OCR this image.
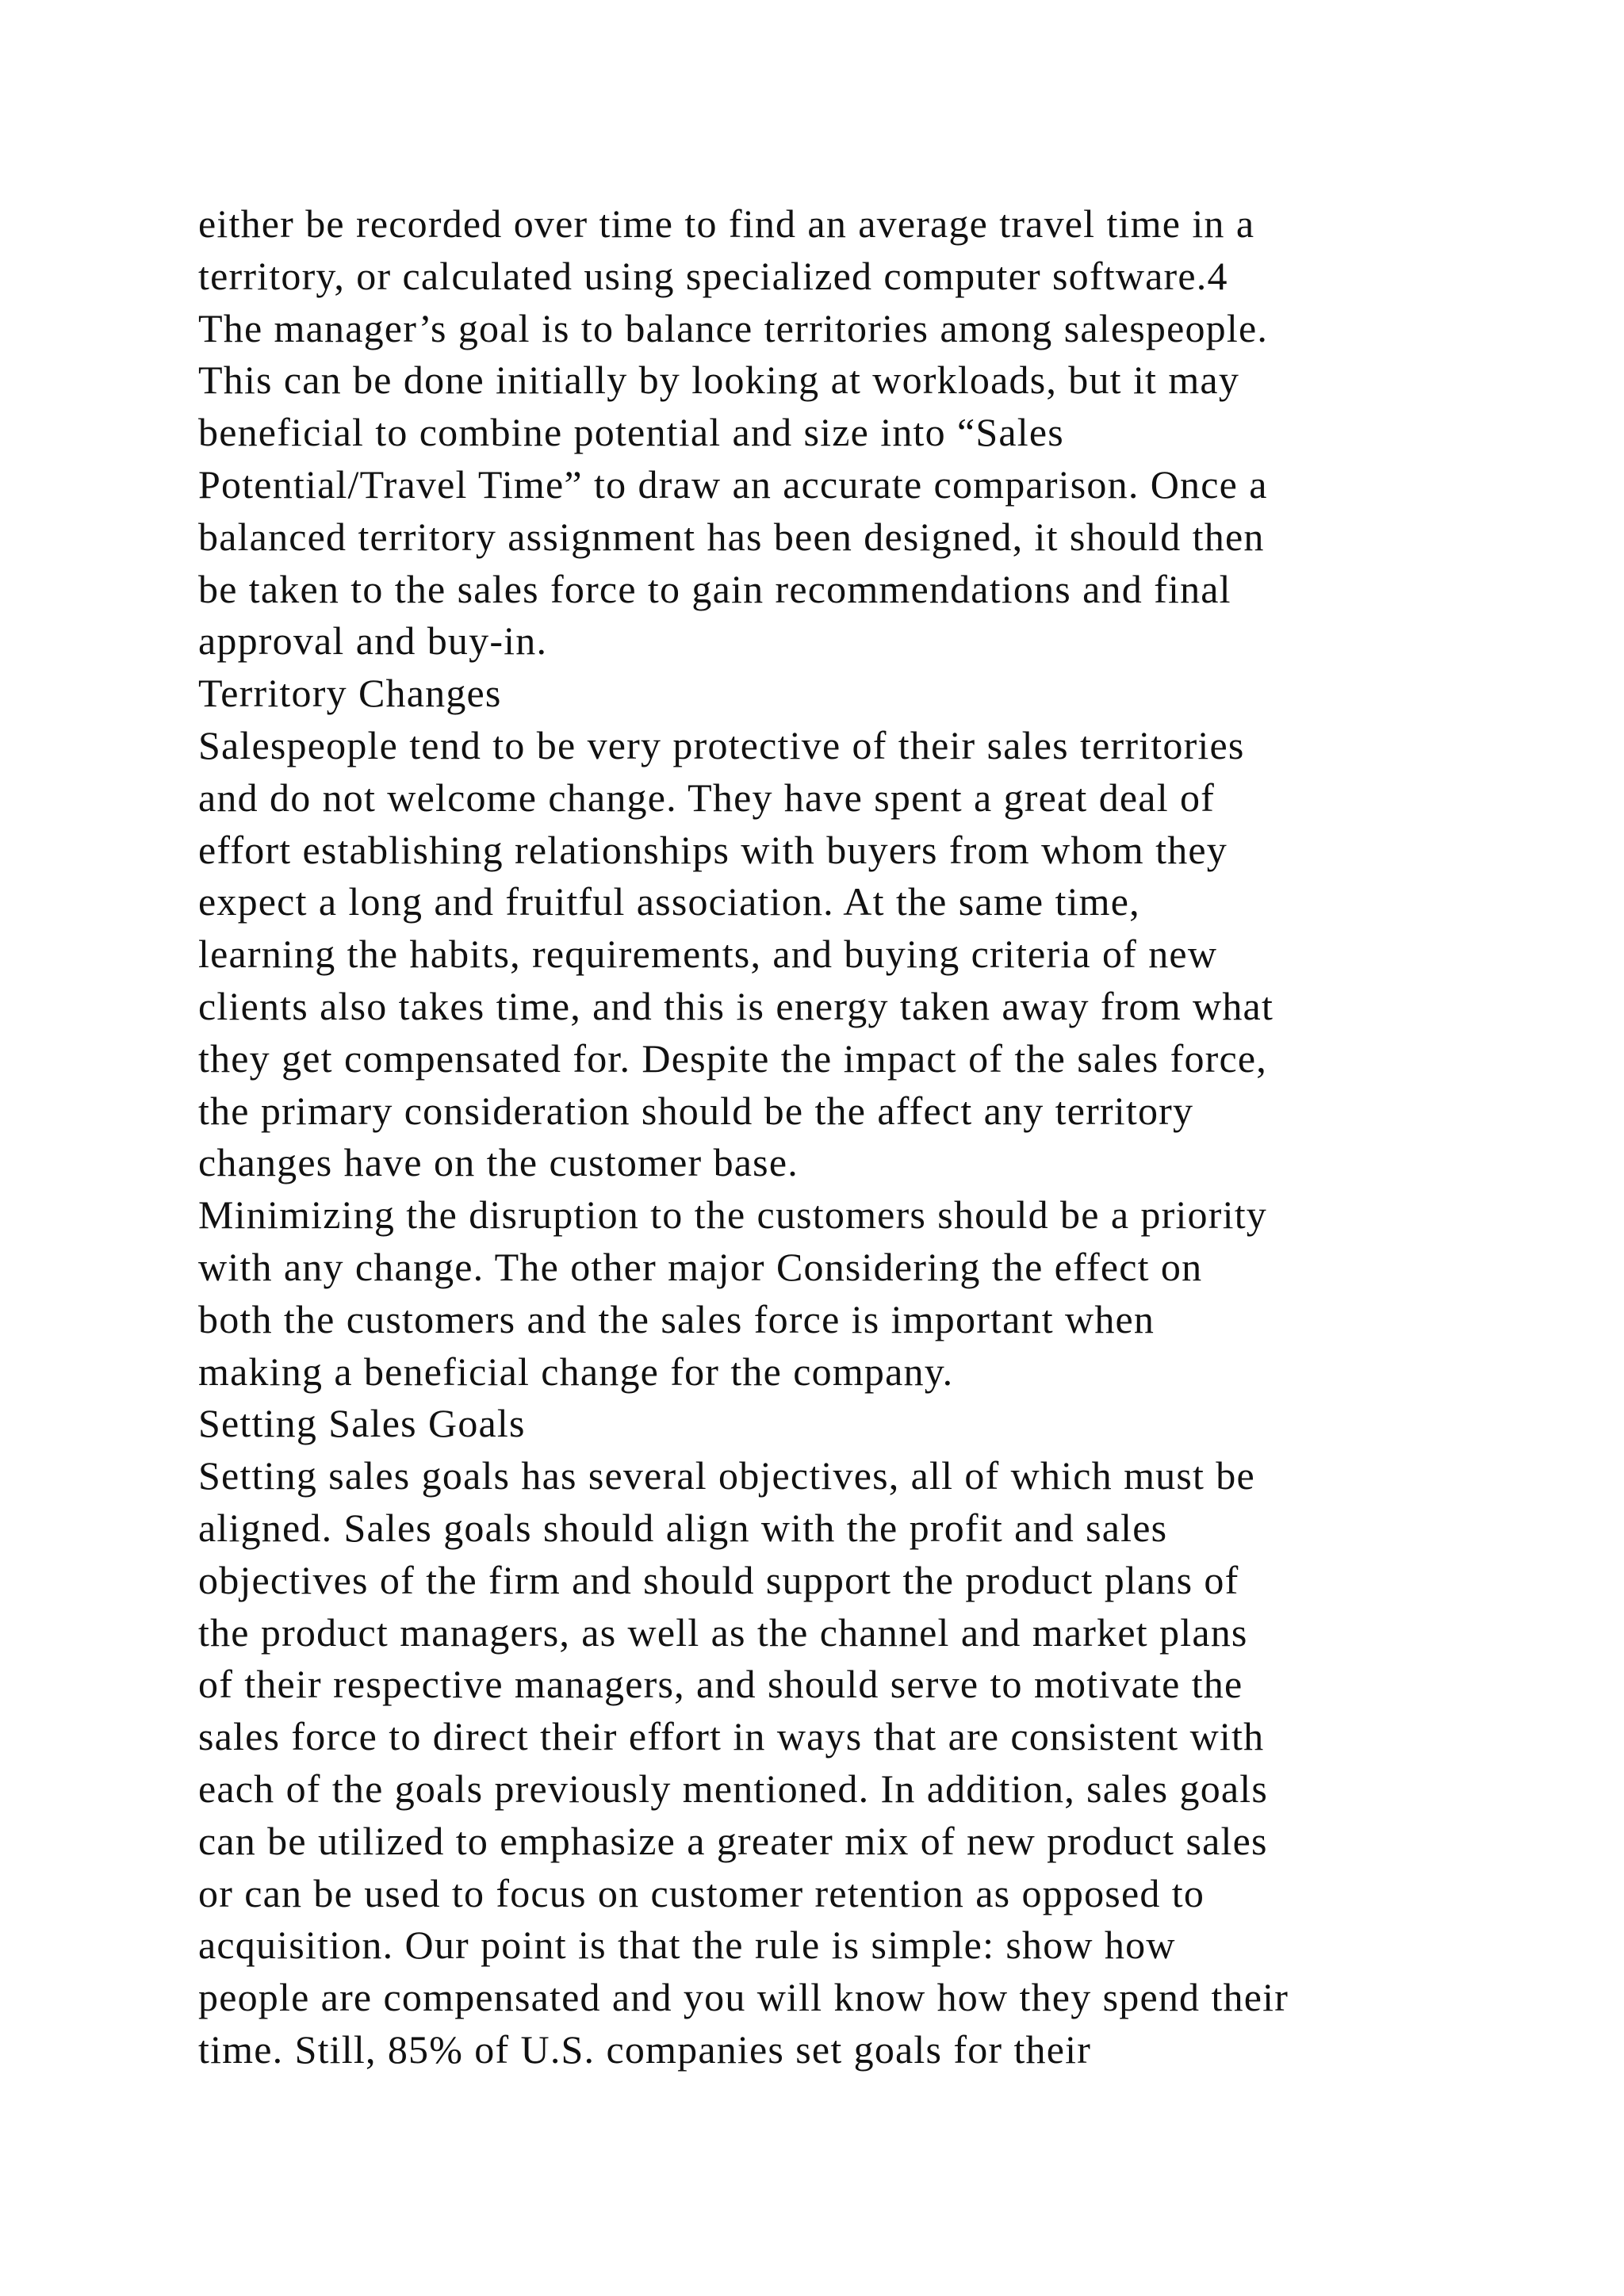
either be recorded over time to find an average travel time in a
territory, or calculated using specialized computer software.4
The manager’s goal is to balance territories among salespeople.
This can be done initially by looking at workloads, but it may
beneficial to combine potential and size into “Sales
Potential/Travel Time” to draw an accurate comparison. Once a
balanced territory assignment has been designed, it should then
be taken to the sales force to gain recommendations and final
approval and buy-in.
Territory Changes
Salespeople tend to be very protective of their sales territories
and do not welcome change. They have spent a great deal of
effort establishing relationships with buyers from whom they
expect a long and fruitful association. At the same time,
learning the habits, requirements, and buying criteria of new
clients also takes time, and this is energy taken away from what
they get compensated for. Despite the impact of the sales force,
the primary consideration should be the affect any territory
changes have on the customer base.
Minimizing the disruption to the customers should be a priority
with any change. The other major Considering the effect on
both the customers and the sales force is important when
making a beneficial change for the company.
Setting Sales Goals
Setting sales goals has several objectives, all of which must be
aligned. Sales goals should align with the profit and sales
objectives of the firm and should support the product plans of
the product managers, as well as the channel and market plans
of their respective managers, and should serve to motivate the
sales force to direct their effort in ways that are consistent with
each of the goals previously mentioned. In addition, sales goals
can be utilized to emphasize a greater mix of new product sales
or can be used to focus on customer retention as opposed to
acquisition. Our point is that the rule is simple: show how
people are compensated and you will know how they spend their
time. Still, 85% of U.S. companies set goals for their
